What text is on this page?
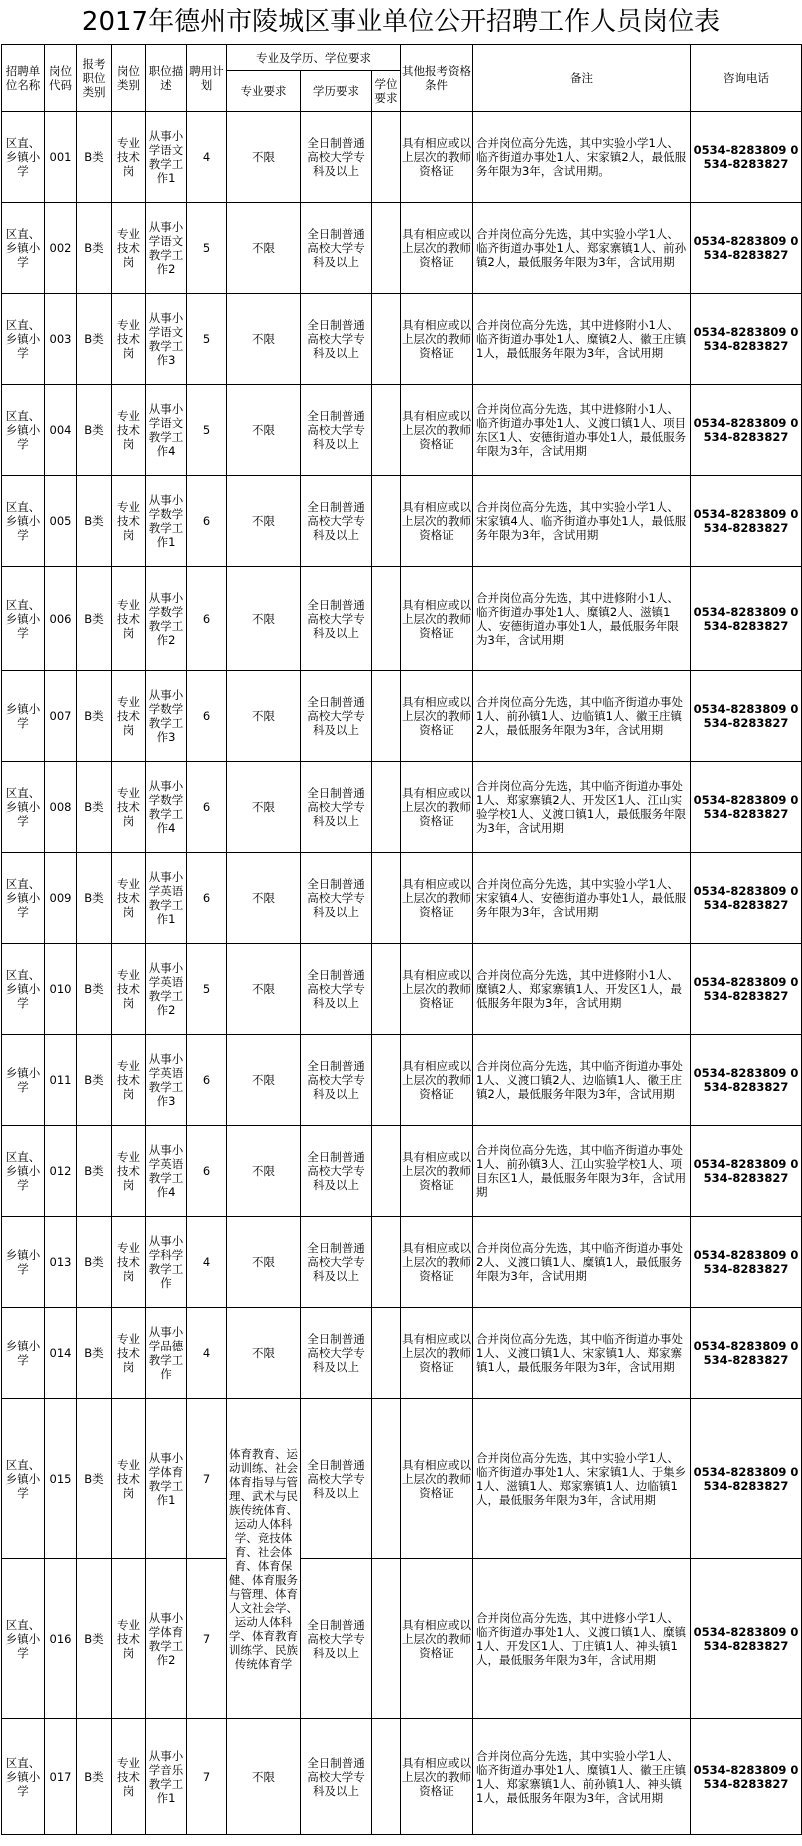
2017年德州市陵城区事业单位公开招聘工作人员岗位表
招聘单位名称	岗位代码	报考职位类别	岗位类别	职位描述	聘用计划	专业及学历、学位要求			其他报考资格条件	备注	咨询电话
						专业要求	学历要求	学位要求			
区直、乡镇小学	001	B类	专业技术岗	从事小学语文教学工作1	4	不限	全日制普通高校大学专科及以上		具有相应或以上层次的教师资格证	合并岗位高分先选，其中实验小学1人、临齐街道办事处1人、宋家镇2人，最低服务年限为3年，含试用期。	0534-8283809 0534-8283827
区直、乡镇小学	002	B类	专业技术岗	从事小学语文教学工作2	5	不限	全日制普通高校大学专科及以上		具有相应或以上层次的教师资格证	合并岗位高分先选，其中实验小学1人、临齐街道办事处1人、郑家寨镇1人、前孙镇2人，最低服务年限为3年，含试用期	0534-8283809 0534-8283827
区直、乡镇小学	003	B类	专业技术岗	从事小学语文教学工作3	5	不限	全日制普通高校大学专科及以上		具有相应或以上层次的教师资格证	合并岗位高分先选，其中进修附小1人、临齐街道办事处1人、糜镇2人、徽王庄镇1人，最低服务年限为3年，含试用期	0534-8283809 0534-8283827
区直、乡镇小学	004	B类	专业技术岗	从事小学语文教学工作4	5	不限	全日制普通高校大学专科及以上		具有相应或以上层次的教师资格证	合并岗位高分先选，其中进修附小1人、临齐街道办事处1人、义渡口镇1人、项目东区1人、安德街道办事处1人，最低服务年限为3年，含试用期	0534-8283809 0534-8283827
区直、乡镇小学	005	B类	专业技术岗	从事小学数学教学工作1	6	不限	全日制普通高校大学专科及以上		具有相应或以上层次的教师资格证	合并岗位高分先选，其中实验小学1人、宋家镇4人、临齐街道办事处1人，最低服务年限为3年，含试用期	0534-8283809 0534-8283827
区直、乡镇小学	006	B类	专业技术岗	从事小学数学教学工作2	6	不限	全日制普通高校大学专科及以上		具有相应或以上层次的教师资格证	合并岗位高分先选，其中进修附小1人、临齐街道办事处1人、糜镇2人、滋镇1人、安德街道办事处1人，最低服务年限为3年，含试用期	0534-8283809 0534-8283827
乡镇小学	007	B类	专业技术岗	从事小学数学教学工作3	6	不限	全日制普通高校大学专科及以上		具有相应或以上层次的教师资格证	合并岗位高分先选，其中临齐街道办事处1人、前孙镇1人、边临镇1人、徽王庄镇2人，最低服务年限为3年，含试用期	0534-8283809 0534-8283827
区直、乡镇小学	008	B类	专业技术岗	从事小学数学教学工作4	6	不限	全日制普通高校大学专科及以上		具有相应或以上层次的教师资格证	合并岗位高分先选，其中临齐街道办事处1人、郑家寨镇2人、开发区1人、江山实验学校1人、义渡口镇1人，最低服务年限为3年，含试用期	0534-8283809 0534-8283827
区直、乡镇小学	009	B类	专业技术岗	从事小学英语教学工作1	6	不限	全日制普通高校大学专科及以上		具有相应或以上层次的教师资格证	合并岗位高分先选，其中实验小学1人、宋家镇4人、安德街道办事处1人，最低服务年限为3年，含试用期	0534-8283809 0534-8283827
区直、乡镇小学	010	B类	专业技术岗	从事小学英语教学工作2	5	不限	全日制普通高校大学专科及以上		具有相应或以上层次的教师资格证	合并岗位高分先选，其中进修附小1人、糜镇2人、郑家寨镇1人、开发区1人，最低服务年限为3年，含试用期	0534-8283809 0534-8283827
乡镇小学	011	B类	专业技术岗	从事小学英语教学工作3	6	不限	全日制普通高校大学专科及以上		具有相应或以上层次的教师资格证	合并岗位高分先选，其中临齐街道办事处1人、义渡口镇2人、边临镇1人、徽王庄镇2人，最低服务年限为3年，含试用期	0534-8283809 0534-8283827
区直、乡镇小学	012	B类	专业技术岗	从事小学英语教学工作4	6	不限	全日制普通高校大学专科及以上		具有相应或以上层次的教师资格证	合并岗位高分先选，其中临齐街道办事处1人、前孙镇3人、江山实验学校1人、项目东区1人，最低服务年限为3年，含试用期	0534-8283809 0534-8283827
乡镇小学	013	B类	专业技术岗	从事小学科学教学工作	4	不限	全日制普通高校大学专科及以上		具有相应或以上层次的教师资格证	合并岗位高分先选，其中临齐街道办事处2人、义渡口镇1人、糜镇1人，最低服务年限为3年，含试用期	0534-8283809 0534-8283827
乡镇小学	014	B类	专业技术岗	从事小学品德教学工作	4	不限	全日制普通高校大学专科及以上		具有相应或以上层次的教师资格证	合并岗位高分先选，其中临齐街道办事处1人、义渡口镇1人、宋家镇1人、郑家寨镇1人，最低服务年限为3年，含试用期	0534-8283809 0534-8283827
区直、乡镇小学	015	B类	专业技术岗	从事小学体育教学工作1	7	体育教育、运动训练、社会体育指导与管理、武术与民族传统体育、运动人体科学、竞技体育、社会体育、体育保健、体育服务与管理、体育人文社会学、运动人体科学、体育教育训练学、民族传统体育学	全日制普通高校大学专科及以上		具有相应或以上层次的教师资格证	合并岗位高分先选，其中实验小学1人、临齐街道办事处1人、宋家镇1人、于集乡1人、滋镇1人、郑家寨镇1人、边临镇1人，最低服务年限为3年，含试用期	0534-8283809 0534-8283827
区直、乡镇小学	016	B类	专业技术岗	从事小学体育教学工作2	7		全日制普通高校大学专科及以上		具有相应或以上层次的教师资格证	合并岗位高分先选，其中进修小学1人、临齐街道办事处1人、义渡口镇1人、糜镇1人、开发区1人、丁庄镇1人、神头镇1人，最低服务年限为3年，含试用期	0534-8283809 0534-8283827
区直、乡镇小学	017	B类	专业技术岗	从事小学音乐教学工作1	7	不限	全日制普通高校大学专科及以上		具有相应或以上层次的教师资格证	合并岗位高分先选，其中实验小学1人、临齐街道办事处1人、糜镇1人、徽王庄镇1人、郑家寨镇1人、前孙镇1人、神头镇1人，最低服务年限为3年，含试用期	0534-8283809 0534-8283827
